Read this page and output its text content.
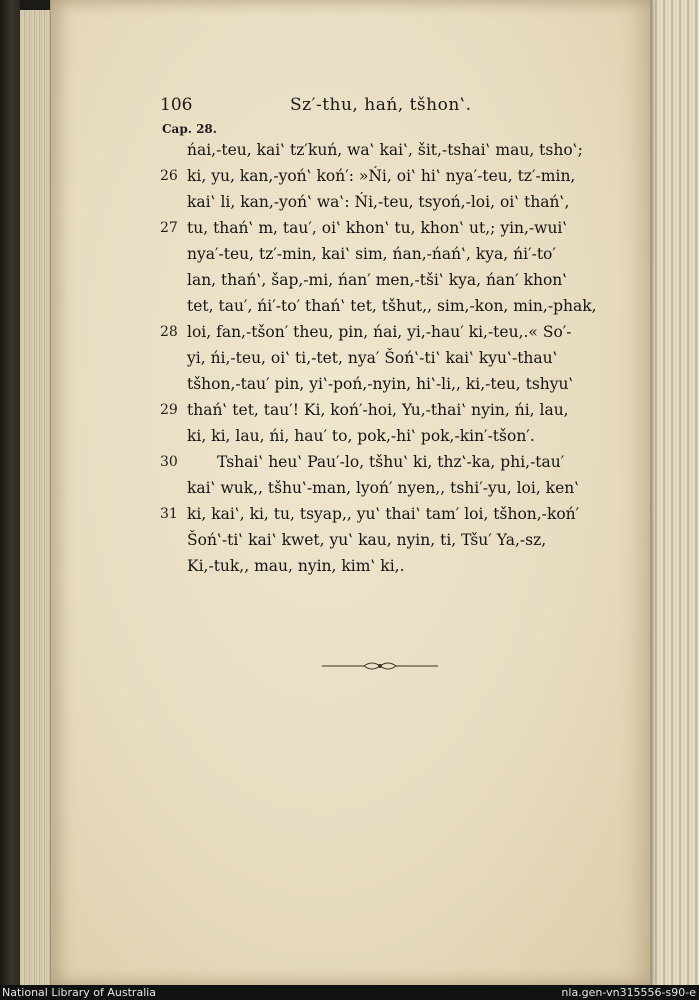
106	Sz′-thu, hań, tšhon‛.
Cap. 28.
ńai,-teu, kai‛ tz′kuń, wa‛ kai‛, šit,-tshai‛ mau, tsho‛;
26 ki, yu, kan,-yoń‛ koń′: »Ńi, oi‛ hi‛ nya′-teu, tz′-min,
kai‛ li, kan,-yoń‛ wa‛: Ńi,-teu, tsyoń,-loi, oi‛ thań‛,
27 tu, thań‛ m, tau′, oi‛ khon‛ tu, khon‛ ut,; yin,-wui‛
nya′-teu, tz′-min, kai‛ sim, ńan,-ńań‛, kya, ńi′-to′
lan, thań‛, šap,-mi, ńan′ men,-tši‛ kya, ńan′ khon‛
tet, tau′, ńi′-to′ thań‛ tet, tšhut,, sim,-kon, min,-phak,
28 loi, fan,-tšon′ theu, pin, ńai, yi,-hau′ ki,-teu,.« So′-
yi, ńi,-teu, oi‛ ti,-tet, nya′ Šoń‛-ti‛ kai‛ kyu‛-thau‛
tšhon,-tau′ pin, yi‛-poń,-nyin, hi‛-li,, ki,-teu, tshyu‛
29 thań‛ tet, tau′! Ki, koń′-hoi, Yu,-thai‛ nyin, ńi, lau,
ki, ki, lau, ńi, hau′ to, pok,-hi‛ pok,-kin′-tšon′.
30	Tshai‛ heu‛ Pau′-lo, tšhu‛ ki, thz‛-ka, phi,-tau′
kai‛ wuk,, tšhu‛-man, lyoń′ nyen,, tshi′-yu, loi, ken‛
31 ki, kai‛, ki, tu, tsyap,, yu‛ thai‛ tam′ loi, tšhon,-koń′
Šoń‛-ti‛ kai‛ kwet, yu‛ kau, nyin, ti, Tšu′ Ya,-sz,
Ki,-tuk,, mau, nyin, kim‛ ki,.
National Library of Australia	nla.gen-vn315556-s90-e
